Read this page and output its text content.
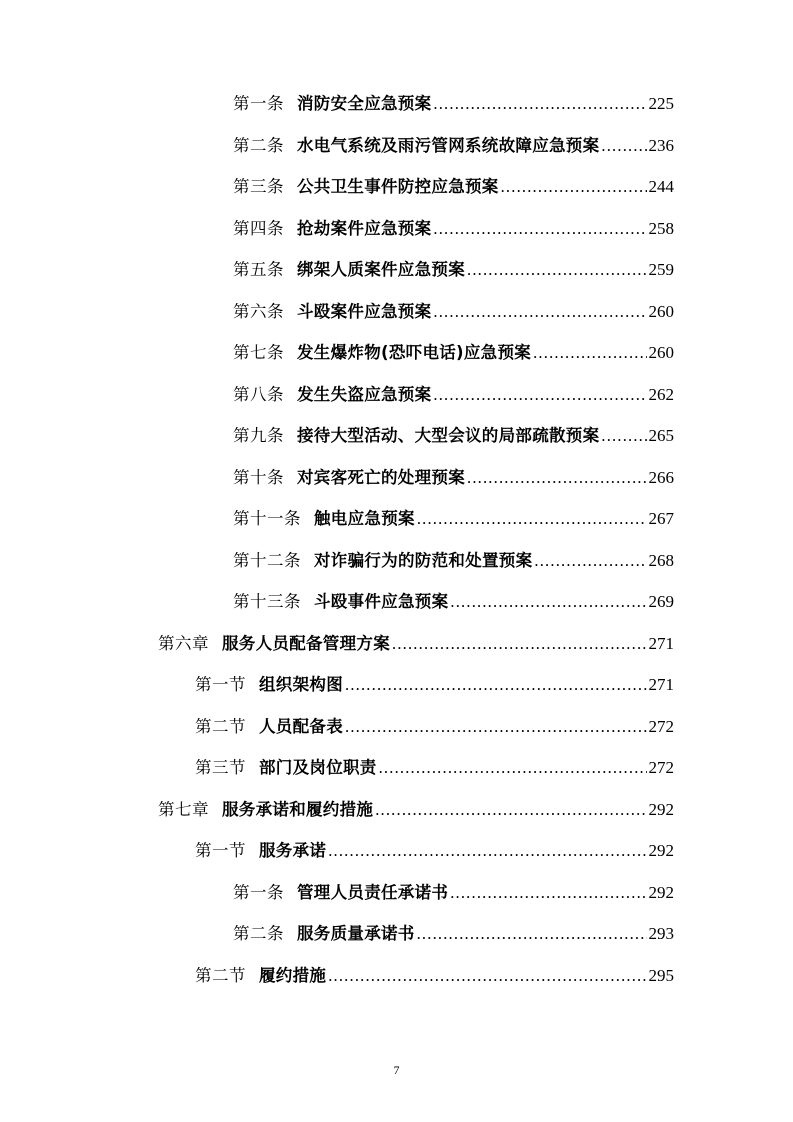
第一条 消防安全应急预案 .....	225
第二条 水电气系统及雨污管网系统故障应急预案 .....	236
第三条 公共卫生事件防控应急预案 .....	244
第四条 抢劫案件应急预案 .....	258
第五条 绑架人质案件应急预案 .....	259
第六条 斗殴案件应急预案 .....	260
第七条 发生爆炸物(恐吓电话)应急预案 .....	260
第八条 发生失盗应急预案 .....	262
第九条 接待大型活动、大型会议的局部疏散预案 .....	265
第十条 对宾客死亡的处理预案 .....	266
第十一条 触电应急预案 .....	267
第十二条 对诈骗行为的防范和处置预案 .....	268
第十三条 斗殴事件应急预案 .....	269
第六章 服务人员配备管理方案 .....	271
第一节 组织架构图 .....	271
第二节 人员配备表 .....	272
第三节 部门及岗位职责 .....	272
第七章 服务承诺和履约措施 .....	292
第一节 服务承诺 .....	292
第一条 管理人员责任承诺书 .....	292
第二条 服务质量承诺书 .....	293
第二节 履约措施 .....	295
7
